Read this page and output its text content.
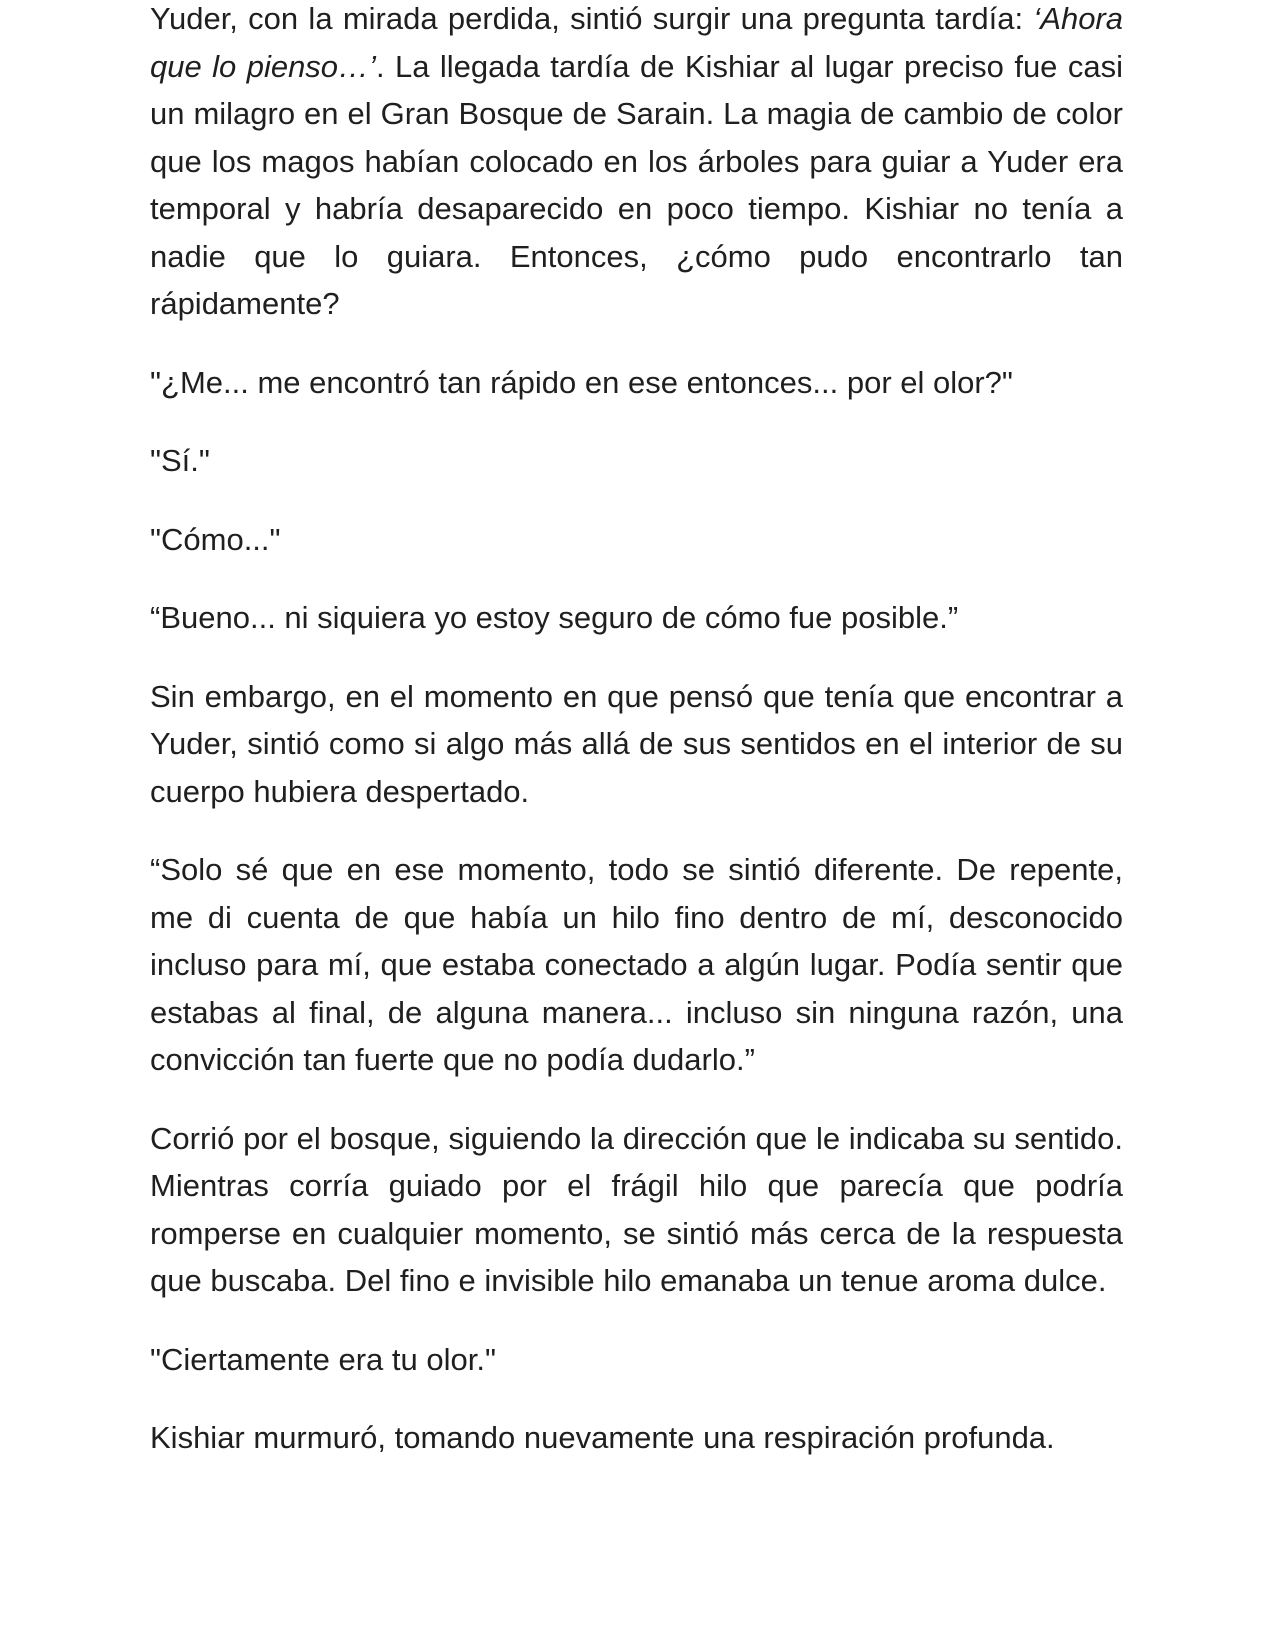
Yuder, con la mirada perdida, sintió surgir una pregunta tardía: ‘Ahora que lo pienso…’. La llegada tardía de Kishiar al lugar preciso fue casi un milagro en el Gran Bosque de Sarain. La magia de cambio de color que los magos habían colocado en los árboles para guiar a Yuder era temporal y habría desaparecido en poco tiempo. Kishiar no tenía a nadie que lo guiara. Entonces, ¿cómo pudo encontrarlo tan rápidamente?

"¿Me... me encontró tan rápido en ese entonces... por el olor?"

"Sí."

"Cómo..."

“Bueno... ni siquiera yo estoy seguro de cómo fue posible.”

Sin embargo, en el momento en que pensó que tenía que encontrar a Yuder, sintió como si algo más allá de sus sentidos en el interior de su cuerpo hubiera despertado.

“Solo sé que en ese momento, todo se sintió diferente. De repente, me di cuenta de que había un hilo fino dentro de mí, desconocido incluso para mí, que estaba conectado a algún lugar. Podía sentir que estabas al final, de alguna manera... incluso sin ninguna razón, una convicción tan fuerte que no podía dudarlo.”

Corrió por el bosque, siguiendo la dirección que le indicaba su sentido. Mientras corría guiado por el frágil hilo que parecía que podría romperse en cualquier momento, se sintió más cerca de la respuesta que buscaba. Del fino e invisible hilo emanaba un tenue aroma dulce.

"Ciertamente era tu olor."

Kishiar murmuró, tomando nuevamente una respiración profunda.
